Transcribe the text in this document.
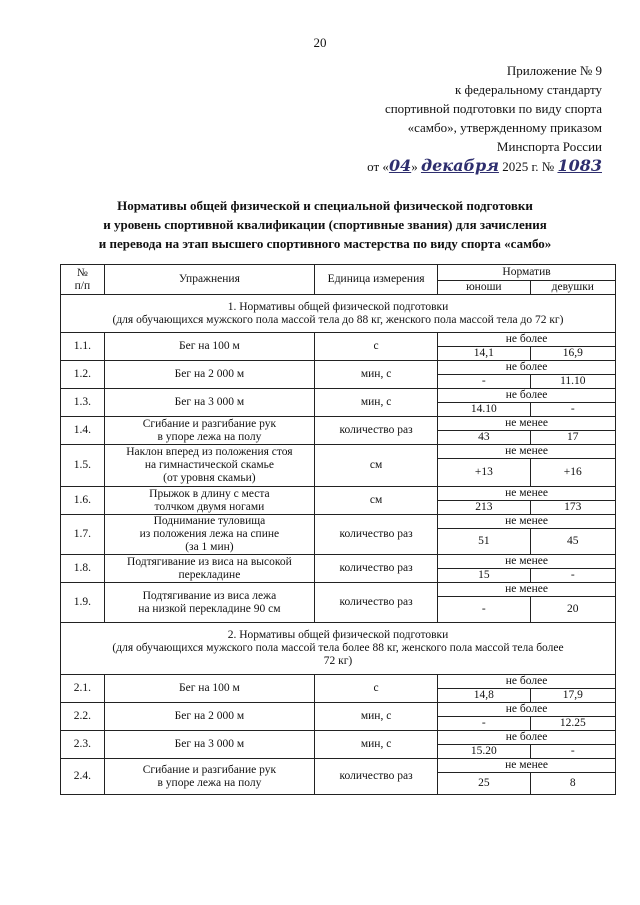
20
Приложение № 9
к федеральному стандарту
спортивной подготовки по виду спорта
«самбо», утвержденному приказом
Минспорта России
от «04» декабря 2025 г. № 1083
Нормативы общей физической и специальной физической подготовки
и уровень спортивной квалификации (спортивные звания) для зачисления
и перевода на этап высшего спортивного мастерства по виду спорта «самбо»
№
п/п	Упражнения	Единица измерения	Норматив	
			юноши	девушки

1. Нормативы общей физической подготовки
(для обучающихся мужского пола массой тела до 88 кг, женского пола массой тела до 72 кг)				

1.1.	Бег на 100 м	с	не более	
			14,1	16,9
1.2.	Бег на 2 000 м	мин, с	не более	
			-	11.10
1.3.	Бег на 3 000 м	мин, с	не более	
			14.10	-
1.4.	Сгибание и разгибание рук
в упоре лежа на полу	количество раз	не менее	
			43	17
1.5.	Наклон вперед из положения стоя
на гимнастической скамье
(от уровня скамьи)	см	не менее	
			+13	+16
1.6.	Прыжок в длину с места
толчком двумя ногами	см	не менее	
			213	173
1.7.	Поднимание туловища
из положения лежа на спине
(за 1 мин)	количество раз	не менее	
			51	45
1.8.	Подтягивание из виса на высокой
перекладине	количество раз	не менее	
			15	-
1.9.	Подтягивание из виса лежа
на низкой перекладине 90 см	количество раз	не менее	
			-	20

2. Нормативы общей физической подготовки
(для обучающихся мужского пола массой тела более 88 кг, женского пола массой тела более
72 кг)				

2.1.	Бег на 100 м	с	не более	
			14,8	17,9
2.2.	Бег на 2 000 м	мин, с	не более	
			-	12.25
2.3.	Бег на 3 000 м	мин, с	не более	
			15.20	-
2.4.	Сгибание и разгибание рук
в упоре лежа на полу	количество раз	не менее	
			25	8
